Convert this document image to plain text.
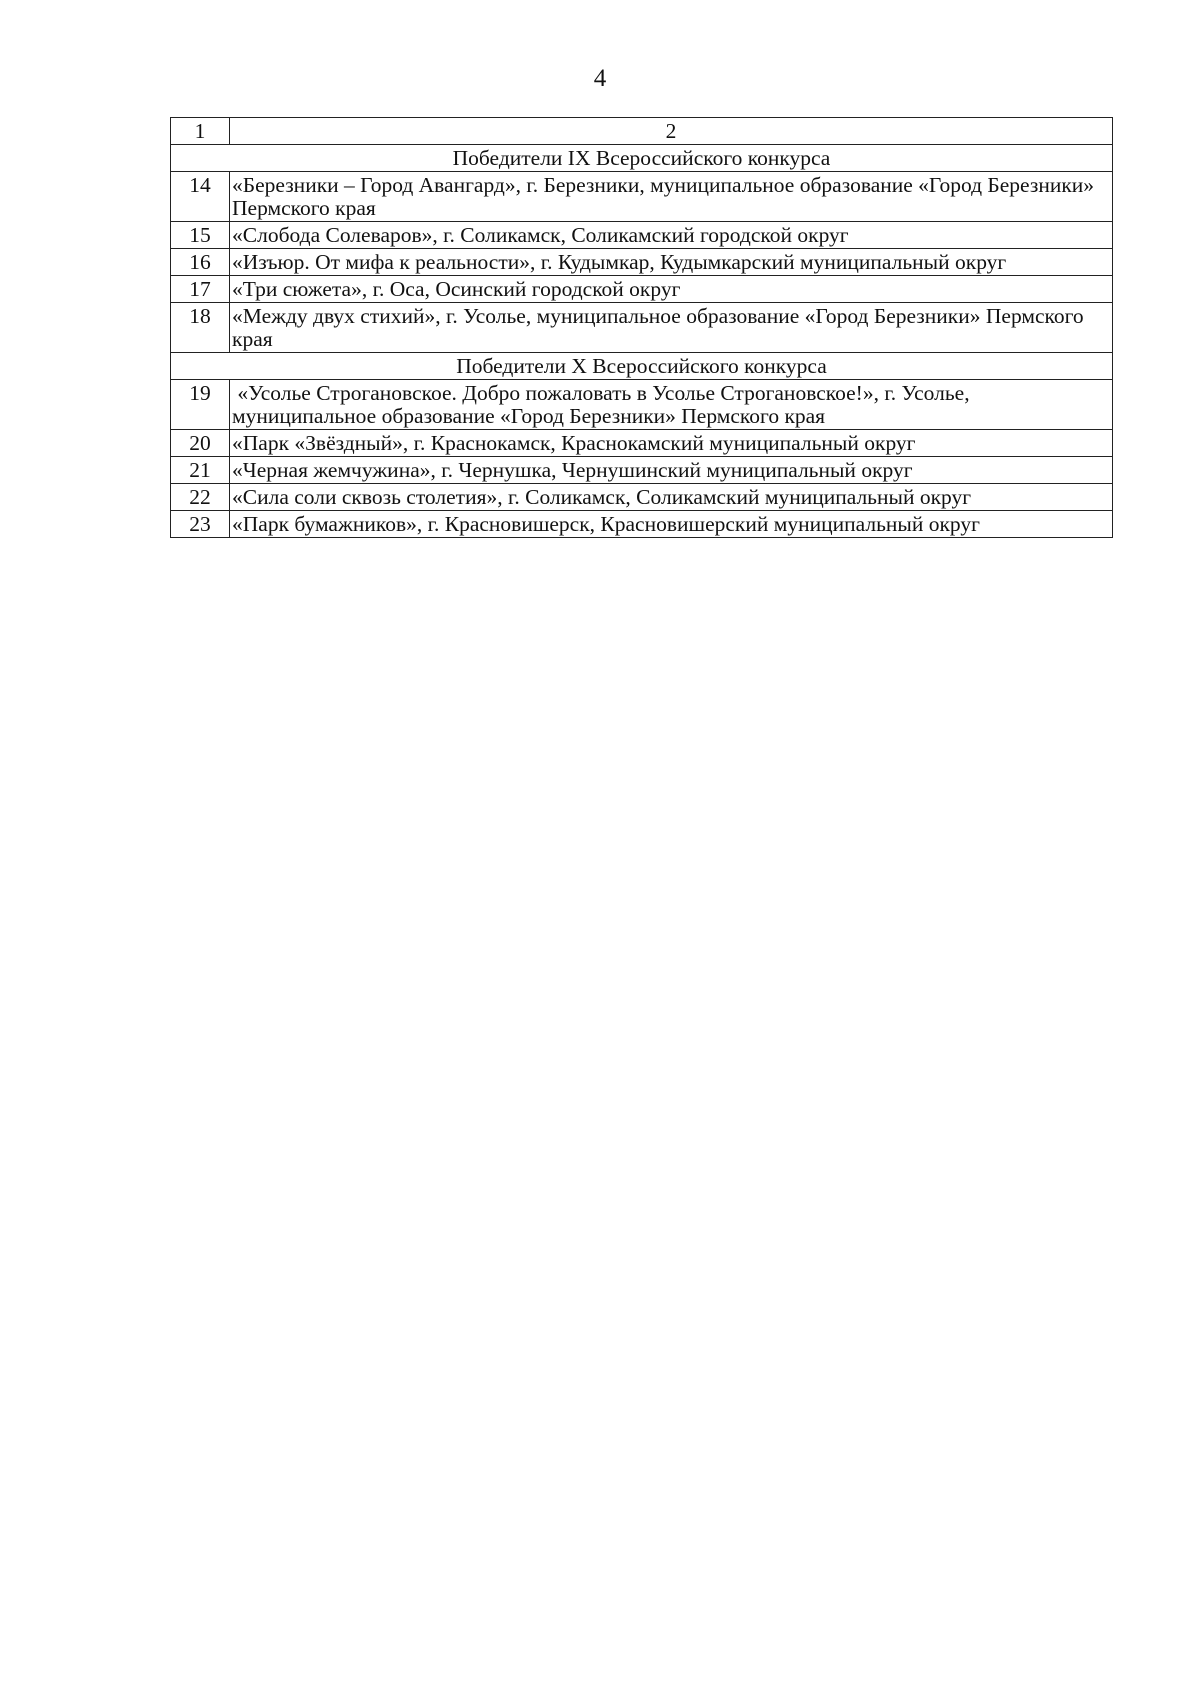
4
1	2
Победители IX Всероссийского конкурса	
14	«Березники – Город Авангард», г. Березники, муниципальное образование «Город Березники» Пермского края
15	«Слобода Солеваров», г. Соликамск, Соликамский городской округ
16	«Изъюр. От мифа к реальности», г. Кудымкар, Кудымкарский муниципальный округ
17	«Три сюжета», г. Оса, Осинский городской округ
18	«Между двух стихий», г. Усолье, муниципальное образование «Город Березники» Пермского края
Победители X Всероссийского конкурса	
19	«Усолье Строгановское. Добро пожаловать в Усолье Строгановское!», г. Усолье, муниципальное образование «Город Березники» Пермского края
20	«Парк «Звёздный», г. Краснокамск, Краснокамский муниципальный округ
21	«Черная жемчужина», г. Чернушка, Чернушинский муниципальный округ
22	«Сила соли сквозь столетия», г. Соликамск, Соликамский муниципальный округ
23	«Парк бумажников», г. Красновишерск, Красновишерский муниципальный округ
